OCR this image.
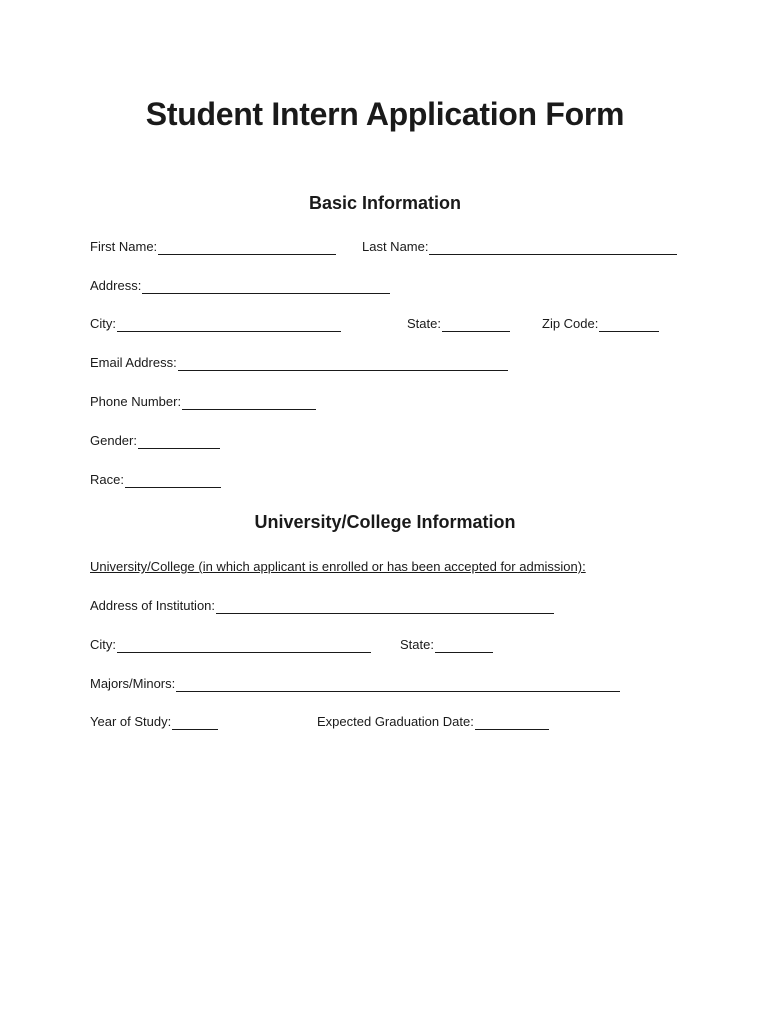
Student Intern Application Form
Basic Information
First Name:	Last Name:
Address:
City:	State:	Zip Code:
Email Address:
Phone Number:
Gender:
Race:
University/College Information
University/College (in which applicant is enrolled or has been accepted for admission):
Address of Institution:
City:	State:
Majors/Minors:
Year of Study:	Expected Graduation Date:
